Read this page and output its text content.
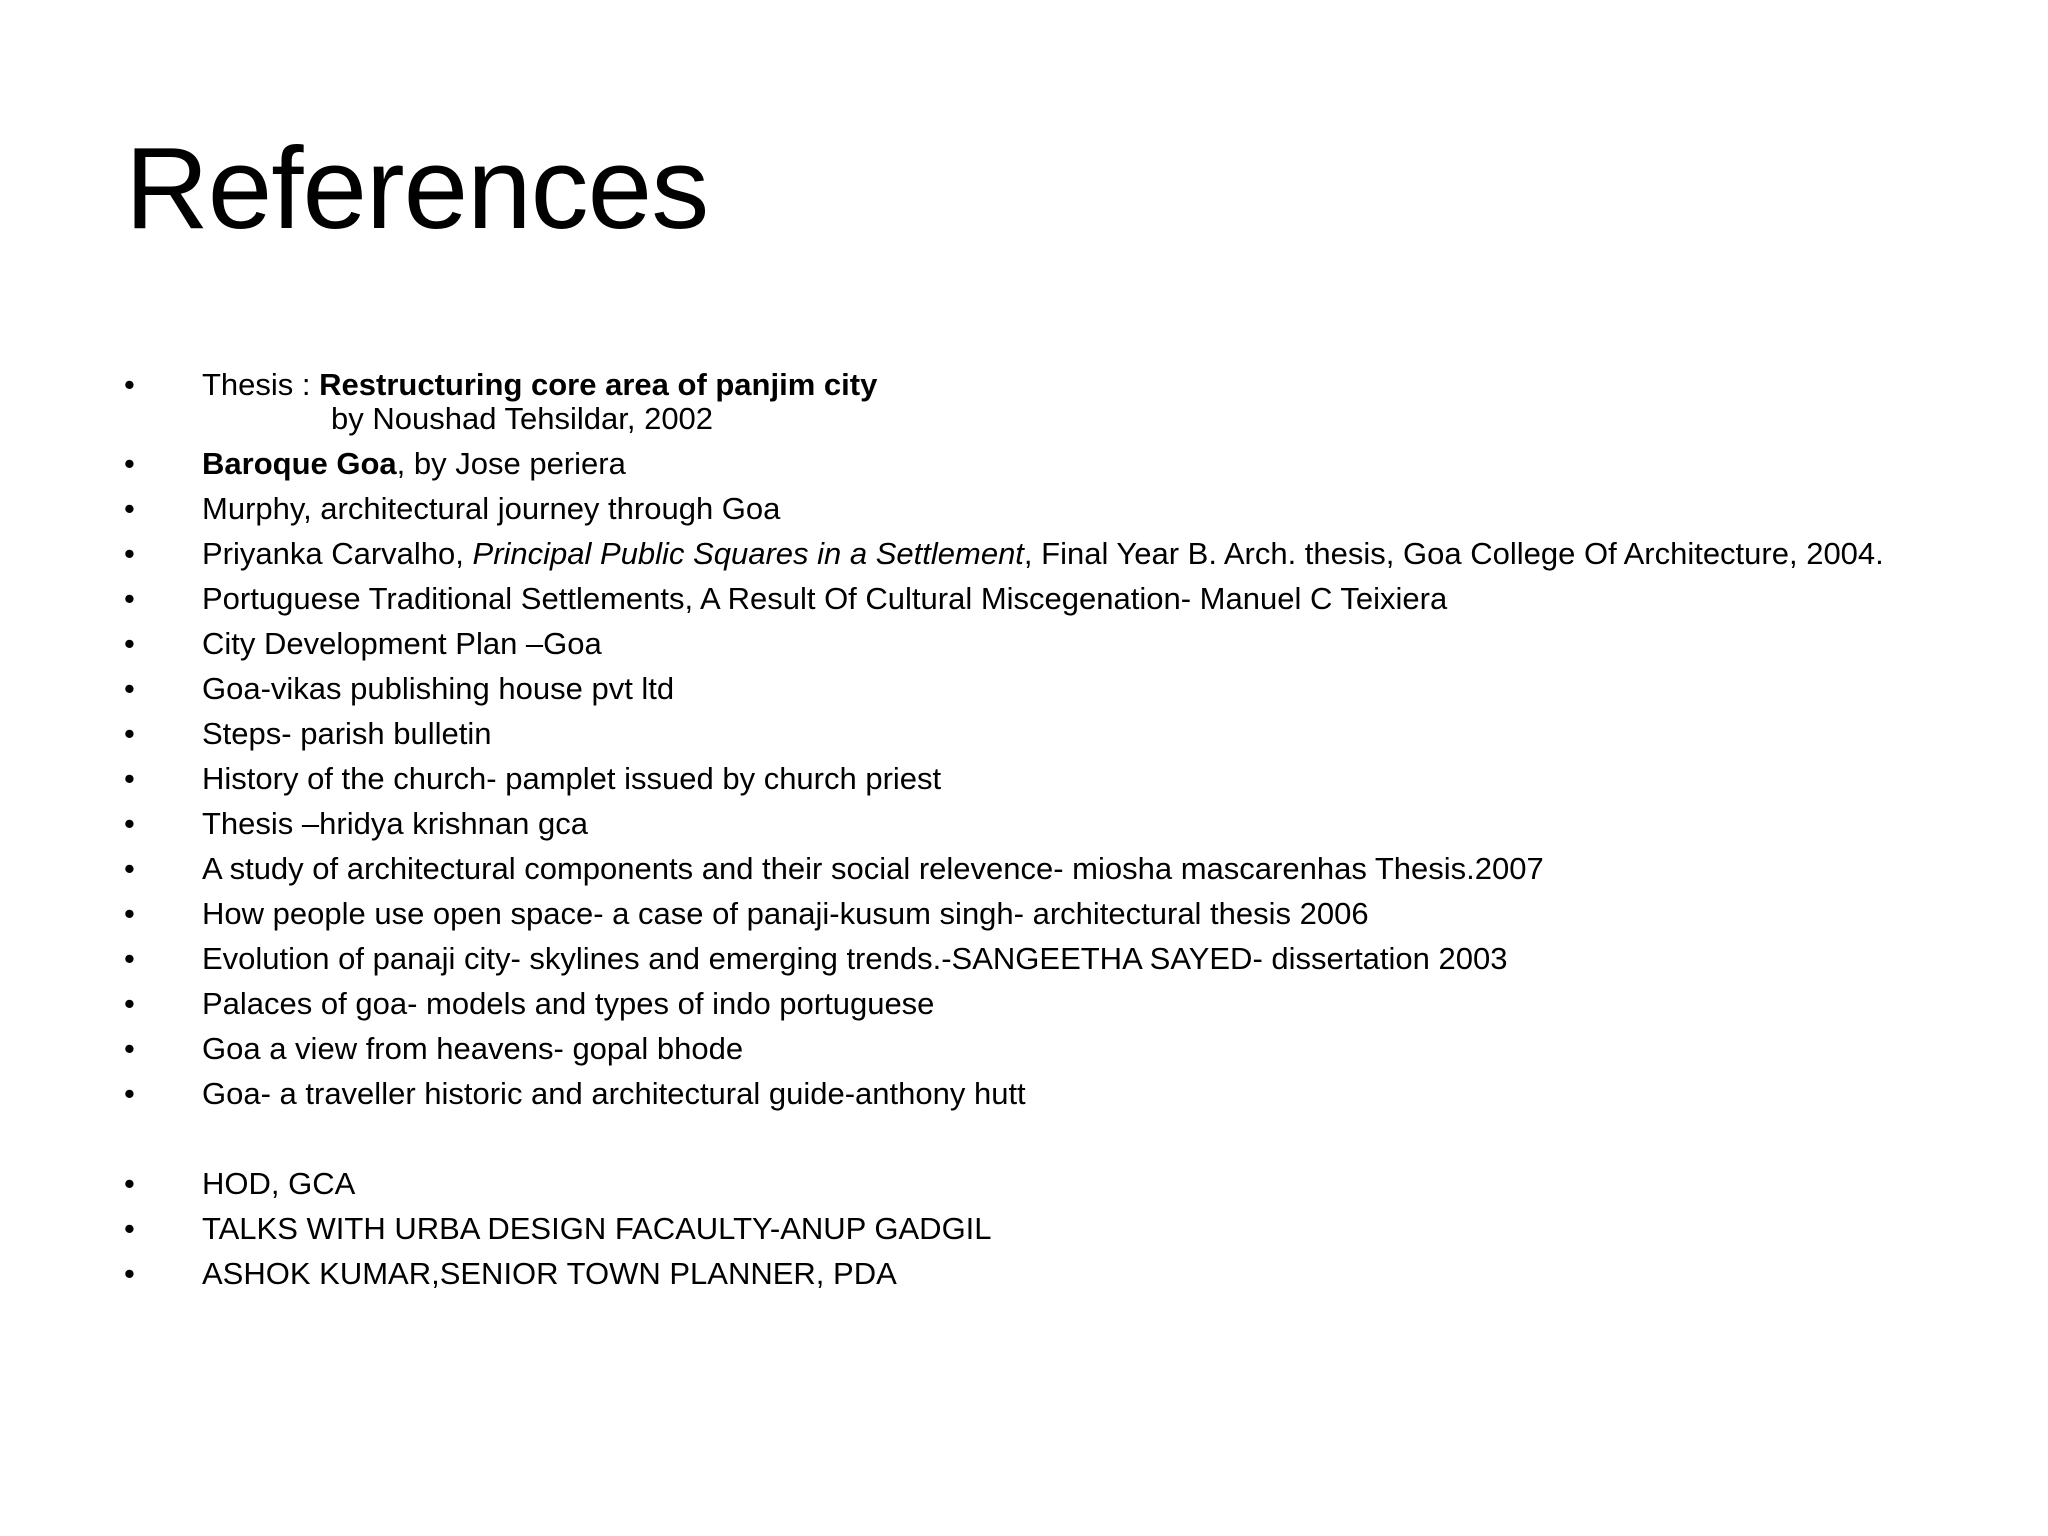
References
•	Thesis : Restructuring core area of panjim city
by Noushad Tehsildar, 2002
•	Baroque Goa, by Jose periera
•	Murphy, architectural journey through Goa
•	Priyanka Carvalho, Principal Public Squares in a Settlement, Final Year B. Arch. thesis, Goa College Of Architecture, 2004.
•	Portuguese Traditional Settlements, A Result Of Cultural Miscegenation- Manuel C Teixiera
•	City Development Plan –Goa
•	Goa-vikas publishing house pvt ltd
•	Steps- parish bulletin
•	History of the church- pamplet issued by church priest
•	Thesis –hridya krishnan gca
•	A study of architectural components and their social relevence- miosha mascarenhas Thesis.2007
•	How people use open space- a case of panaji-kusum singh- architectural thesis 2006
•	Evolution of panaji city- skylines and emerging trends.-SANGEETHA SAYED- dissertation 2003
•	Palaces of goa- models and types of indo portuguese
•	Goa a view from heavens- gopal bhode
•	Goa- a traveller historic and architectural guide-anthony hutt
•	HOD, GCA
•	TALKS WITH URBA DESIGN FACAULTY-ANUP GADGIL
•	ASHOK KUMAR,SENIOR TOWN PLANNER, PDA
